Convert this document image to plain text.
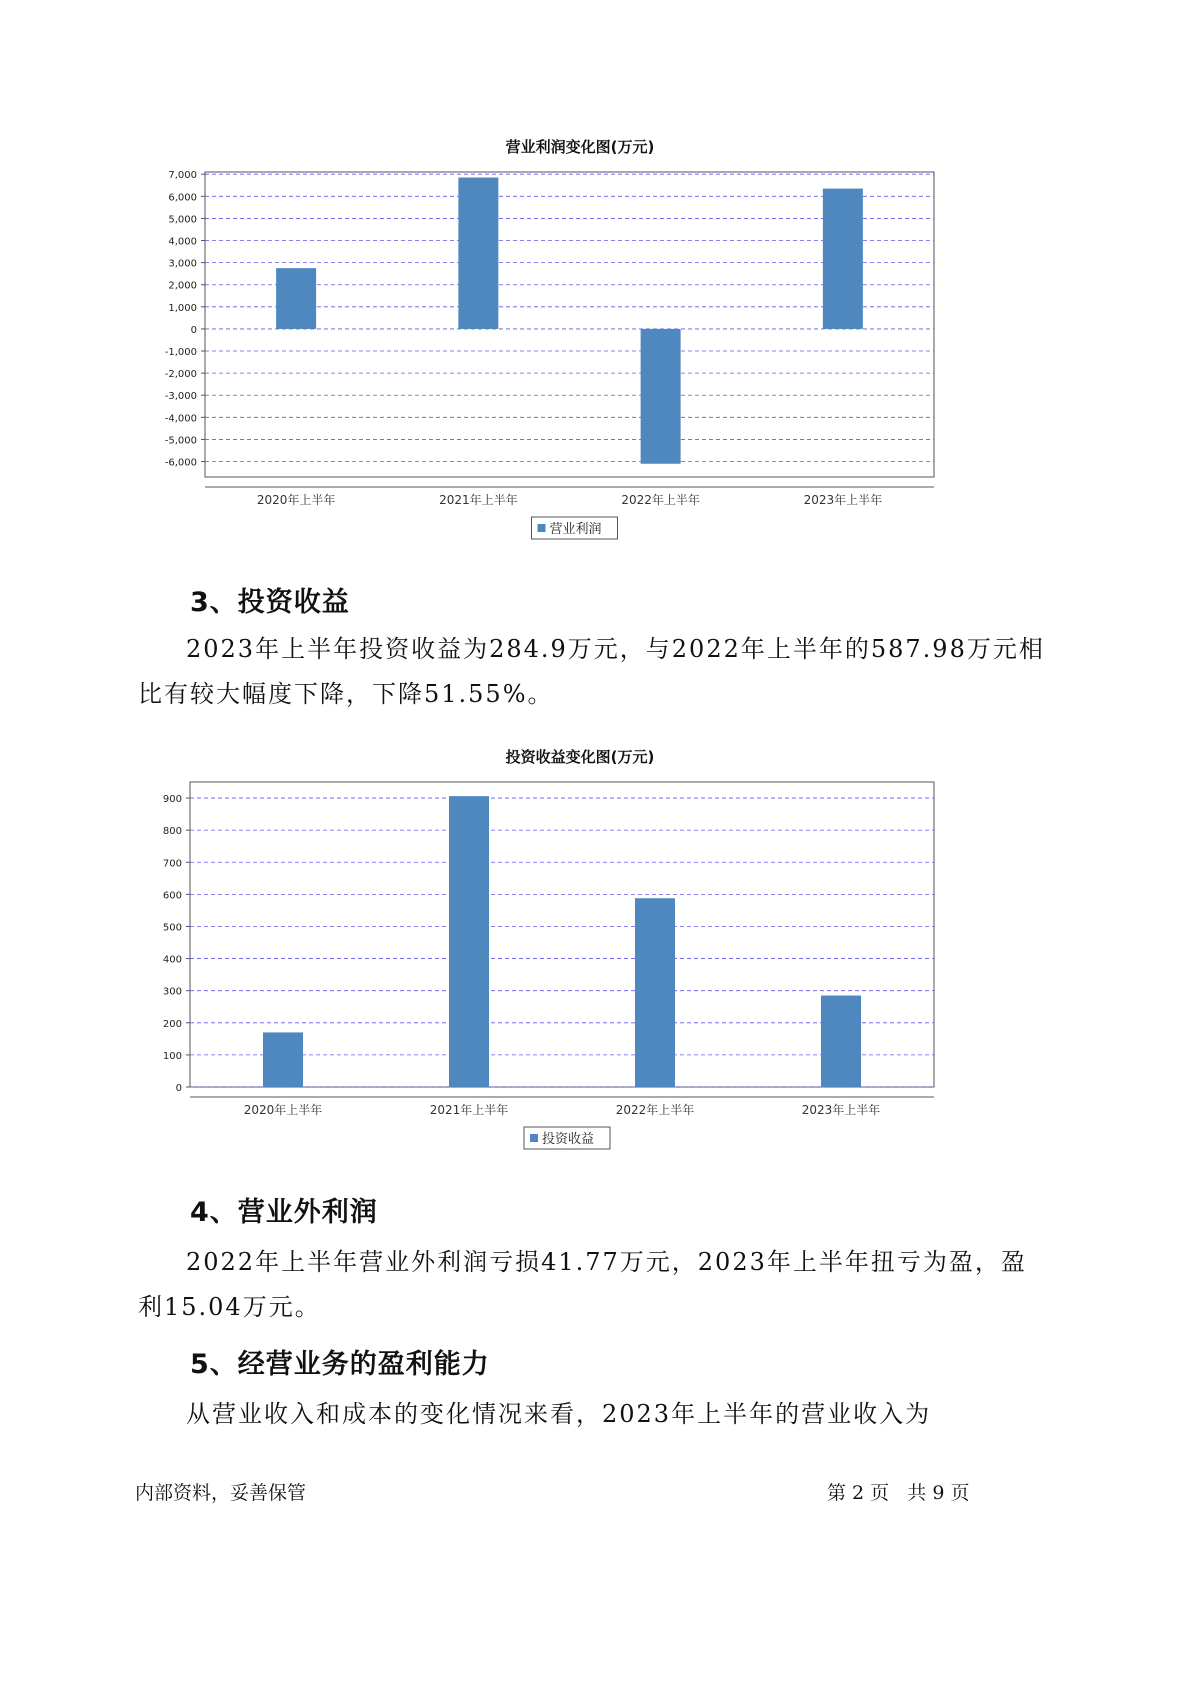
营业利润变化图(万元)
7,000
6,000
5,000
4,000
3,000
2,000
1,000
0
-1,000
-2,000
-3,000
-4,000
-5,000
-6,000
2020年上半年	2021年上半年	2022年上半年	2023年上半年
营业利润
3、投资收益
2023年上半年投资收益为284.9万元，与2022年上半年的587.98万元相
比有较大幅度下降，下降51.55%。
投资收益变化图(万元)
900
800
700
600
500
400
300
200
100
0
2020年上半年	2021年上半年	2022年上半年	2023年上半年
投资收益
4、营业外利润
2022年上半年营业外利润亏损41.77万元，2023年上半年扭亏为盈，盈
利15.04万元。
5、经营业务的盈利能力
从营业收入和成本的变化情况来看，2023年上半年的营业收入为
内部资料，妥善保管	第 2 页   共 9 页
